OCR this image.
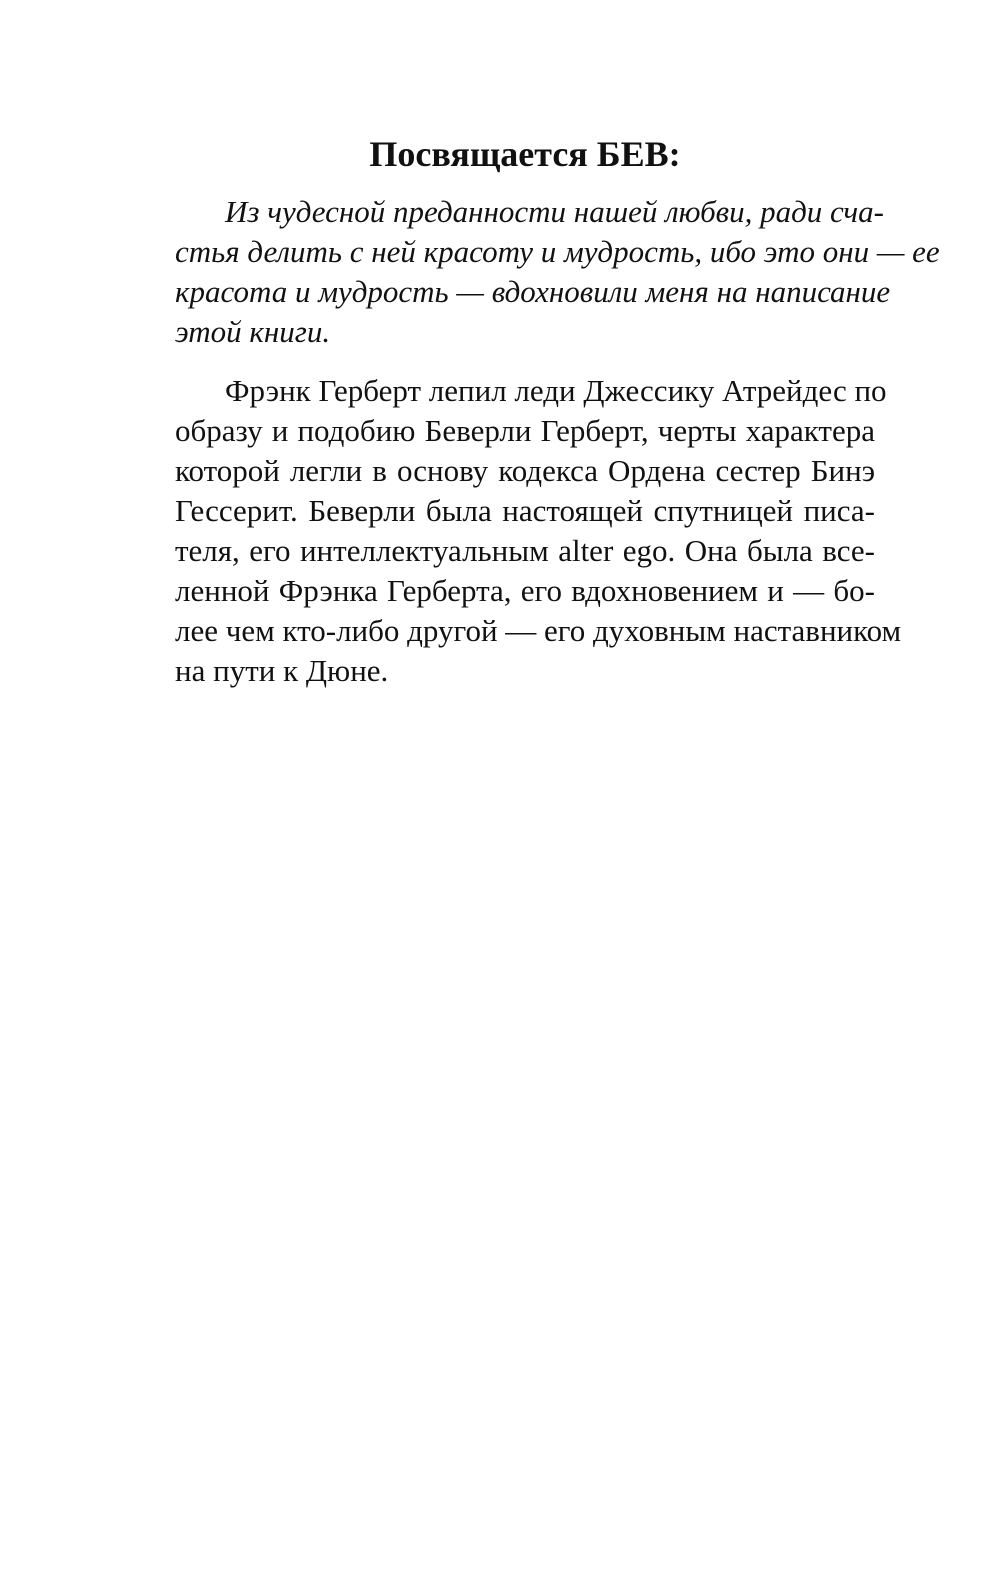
Посвящается БЕВ:

Из чудесной преданности нашей любви, ради сча-

стья делить с ней красоту и мудрость, ибо это они — ее

красота и мудрость — вдохновили меня на написание

этой книги.

Фрэнк Герберт лепил леди Джессику Атрейдес по

образу и подобию Беверли Герберт, черты характера

которой легли в основу кодекса Ордена сестер Бинэ

Гессерит. Беверли была настоящей спутницей писа-

теля, его интеллектуальным alter ego. Она была все-

ленной Фрэнка Герберта, его вдохновением и — бо-

лее чем кто-либо другой — его духовным наставником

на пути к Дюне.
